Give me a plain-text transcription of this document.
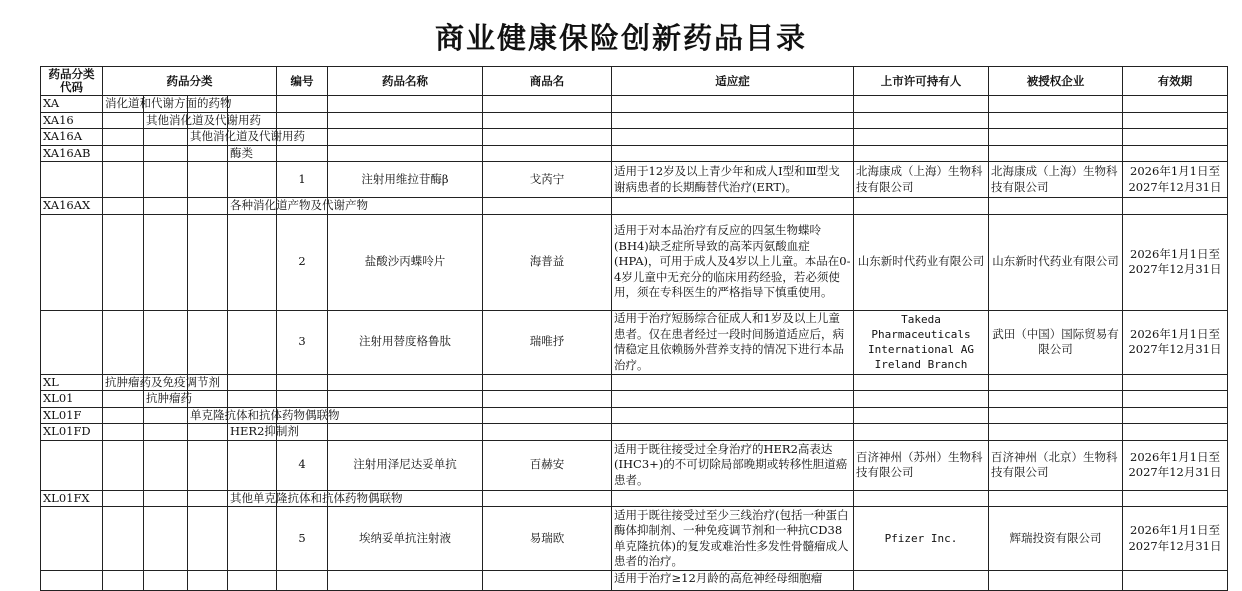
商业健康保险创新药品目录
药品分类代码	药品分类				编号	药品名称	商品名	适应症	上市许可持有人	被授权企业	有效期
XA	消化道和代谢方面的药物										
XA16		其他消化道及代谢用药									
XA16A			其他消化道及代谢用药								
XA16AB				酶类							
					1	注射用维拉苷酶β	戈芮宁	适用于12岁及以上青少年和成人Ⅰ型和Ⅲ型戈谢病患者的长期酶替代治疗(ERT)。	北海康成（上海）生物科技有限公司	北海康成（上海）生物科技有限公司	2026年1月1日至2027年12月31日
XA16AX				各种消化道产物及代谢产物							
					2	盐酸沙丙蝶呤片	海普益	适用于对本品治疗有反应的四氢生物蝶呤(BH4)缺乏症所导致的高苯丙氨酸血症(HPA)，可用于成人及4岁以上儿童。本品在0-4岁儿童中无充分的临床用药经验，若必须使用，须在专科医生的严格指导下慎重使用。	山东新时代药业有限公司	山东新时代药业有限公司	2026年1月1日至2027年12月31日
					3	注射用替度格鲁肽	瑞唯抒	适用于治疗短肠综合征成人和1岁及以上儿童患者。仅在患者经过一段时间肠道适应后，病情稳定且依赖肠外营养支持的情况下进行本品治疗。	Takeda Pharmaceuticals International AG Ireland Branch	武田（中国）国际贸易有限公司	2026年1月1日至2027年12月31日
XL	抗肿瘤药及免疫调节剂										
XL01		抗肿瘤药									
XL01F			单克隆抗体和抗体药物偶联物								
XL01FD				HER2抑制剂							
					4	注射用泽尼达妥单抗	百赫安	适用于既往接受过全身治疗的HER2高表达(IHC3+)的不可切除局部晚期或转移性胆道癌患者。	百济神州（苏州）生物科技有限公司	百济神州（北京）生物科技有限公司	2026年1月1日至2027年12月31日
XL01FX				其他单克隆抗体和抗体药物偶联物							
					5	埃纳妥单抗注射液	易瑞欧	适用于既往接受过至少三线治疗(包括一种蛋白酶体抑制剂、一种免疫调节剂和一种抗CD38单克隆抗体)的复发或难治性多发性骨髓瘤成人患者的治疗。	Pfizer Inc.	辉瑞投资有限公司	2026年1月1日至2027年12月31日
								适用于治疗≥12月龄的高危神经母细胞瘤			
